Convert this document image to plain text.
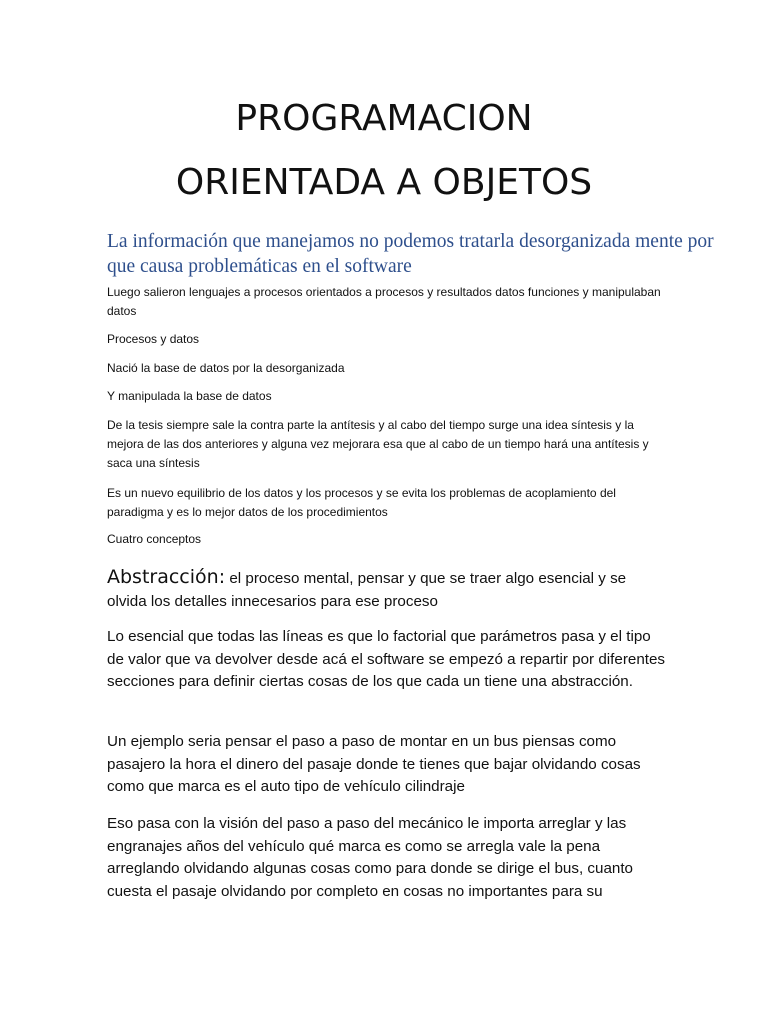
PROGRAMACION
ORIENTADA A OBJETOS

La información que manejamos no podemos tratarla desorganizada mente por que causa problemáticas en el software

Luego salieron lenguajes a procesos orientados a procesos y resultados datos funciones y manipulaban datos

Procesos y datos

Nació la base de datos por la desorganizada

Y manipulada la base de datos

De la tesis siempre sale la contra parte la antítesis y al cabo del tiempo surge una idea síntesis y la mejora de las dos anteriores y alguna vez mejorara esa que al cabo de un tiempo hará una antítesis y saca una síntesis

Es un nuevo equilibrio de los datos y los procesos y se evita los problemas de acoplamiento del paradigma y es lo mejor datos de los procedimientos

Cuatro conceptos

Abstracción: el proceso mental, pensar y que se traer algo esencial y se olvida los detalles innecesarios para ese proceso

Lo esencial que todas las líneas es que lo factorial que parámetros pasa y el tipo de valor que va devolver desde acá el software se empezó a repartir por diferentes secciones para definir ciertas cosas de los que cada un tiene una abstracción.

Un ejemplo seria pensar el paso a paso de montar en un bus piensas como pasajero la hora el dinero del pasaje donde te tienes que bajar olvidando cosas como que marca es el auto tipo de vehículo cilindraje

Eso pasa con la visión del paso a paso del mecánico le importa arreglar y las engranajes años del vehículo qué marca es como se arregla vale la pena arreglando olvidando algunas cosas como para donde se dirige el bus, cuanto cuesta el pasaje olvidando por completo en cosas no importantes para su
